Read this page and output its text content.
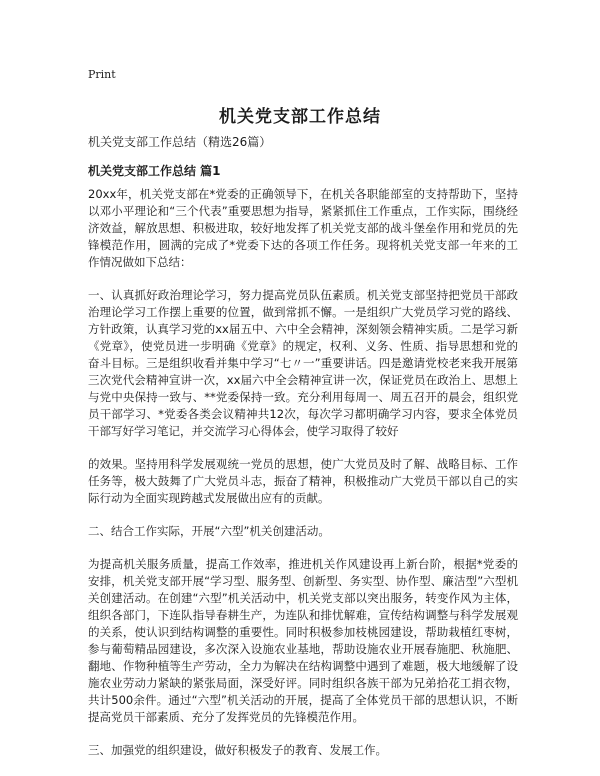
Print
机关党支部工作总结
机关党支部工作总结（精选26篇）
机关党支部工作总结 篇1

20xx年，机关党支部在*党委的正确领导下，在机关各职能部室的支持帮助下，坚持以邓小平理论和“三个代表”重要思想为指导，紧紧抓住工作重点，工作实际，围绕经济效益，解放思想、积极进取，较好地发挥了机关党支部的战斗堡垒作用和党员的先锋模范作用，圆满的完成了*党委下达的各项工作任务。现将机关党支部一年来的工作情况做如下总结：

一、认真抓好政治理论学习，努力提高党员队伍素质。机关党支部坚持把党员干部政治理论学习工作摆上重要的位置，做到常抓不懈。一是组织广大党员学习党的路线、方针政策，认真学习党的xx届五中、六中全会精神，深刻领会精神实质。二是学习新《党章》，使党员进一步明确《党章》的规定，权利、义务、性质、指导思想和党的奋斗目标。三是组织收看并集中学习“七〃一”重要讲话。四是邀请党校老来我开展第三次党代会精神宣讲一次，xx届六中全会精神宣讲一次，保证党员在政治上、思想上与党中央保持一致与、**党委保持一致。充分利用每周一、周五召开的晨会，组织党员干部学习、*党委各类会议精神共12次，每次学习都明确学习内容，要求全体党员干部写好学习笔记，并交流学习心得体会，使学习取得了较好

的效果。坚持用科学发展观统一党员的思想，使广大党员及时了解、战略目标、工作任务等，极大鼓舞了广大党员斗志，振奋了精神，积极推动广大党员干部以自己的实际行动为全面实现跨越式发展做出应有的贡献。

二、结合工作实际，开展“六型”机关创建活动。

为提高机关服务质量，提高工作效率，推进机关作风建设再上新台阶，根据*党委的安排，机关党支部开展“学习型、服务型、创新型、务实型、协作型、廉洁型”六型机关创建活动。在创建“六型”机关活动中，机关党支部以突出服务，转变作风为主体，组织各部门，下连队指导春耕生产，为连队和排忧解难，宣传结构调整与科学发展观的关系，使认识到结构调整的重要性。同时积极参加枝桃园建设，帮助栽植红枣树，参与葡萄精品园建设，多次深入设施农业基地，帮助设施农业开展春施肥、秋施肥、翻地、作物种植等生产劳动，全力为解决在结构调整中遇到了难题，极大地缓解了设施农业劳动力紧缺的紧张局面，深受好评。同时组织各族干部为兄弟拾花工捐衣物，共计500余件。通过“六型”机关活动的开展，提高了全体党员干部的思想认识，不断提高党员干部素质、充分了发挥党员的先锋模范作用。

三、加强党的组织建设，做好积极发子的教育、发展工作。
